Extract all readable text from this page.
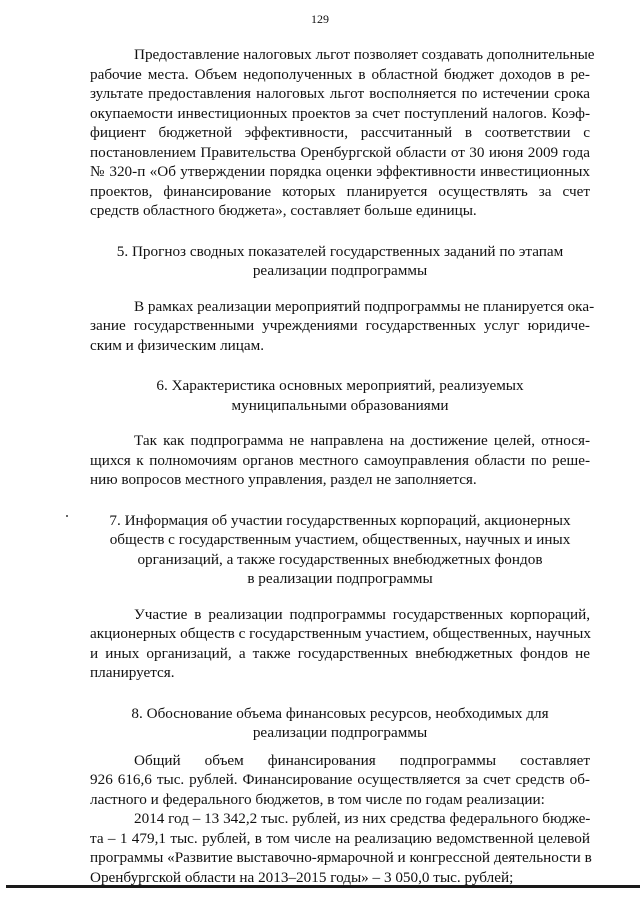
129
Предоставление налоговых льгот позволяет создавать дополнительные
рабочие места. Объем недополученных в областной бюджет доходов в ре-
зультате предоставления налоговых льгот восполняется по истечении срока
окупаемости инвестиционных проектов за счет поступлений налогов. Коэф-
фициент бюджетной эффективности, рассчитанный в соответствии с
постановлением Правительства Оренбургской области от 30 июня 2009 года
№ 320-п «Об утверждении порядка оценки эффективности инвестиционных
проектов, финансирование которых планируется осуществлять за счет
средств областного бюджета», составляет больше единицы.
5. Прогноз сводных показателей государственных заданий по этапам
реализации подпрограммы
В рамках реализации мероприятий подпрограммы не планируется ока-
зание государственными учреждениями государственных услуг юридиче-
ским и физическим лицам.
6. Характеристика основных мероприятий, реализуемых
муниципальными образованиями
Так как подпрограмма не направлена на достижение целей, относя-
щихся к полномочиям органов местного самоуправления области по реше-
нию вопросов местного управления, раздел не заполняется.
7. Информация об участии государственных корпораций, акционерных
обществ с государственным участием, общественных, научных и иных
организаций, а также государственных внебюджетных фондов
в реализации подпрограммы
Участие в реализации подпрограммы государственных корпораций,
акционерных обществ с государственным участием, общественных, научных
и иных организаций, а также государственных внебюджетных фондов не
планируется.
8. Обоснование объема финансовых ресурсов, необходимых для
реализации подпрограммы
Общий объем финансирования подпрограммы составляет
926 616,6 тыс. рублей. Финансирование осуществляется за счет средств об-
ластного и федерального бюджетов, в том числе по годам реализации:
2014 год – 13 342,2 тыс. рублей, из них средства федерального бюдже-
та – 1 479,1 тыс. рублей, в том числе на реализацию ведомственной целевой
программы «Развитие выставочно-ярмарочной и конгрессной деятельности в
Оренбургской области на 2013–2015 годы» – 3 050,0 тыс. рублей;
